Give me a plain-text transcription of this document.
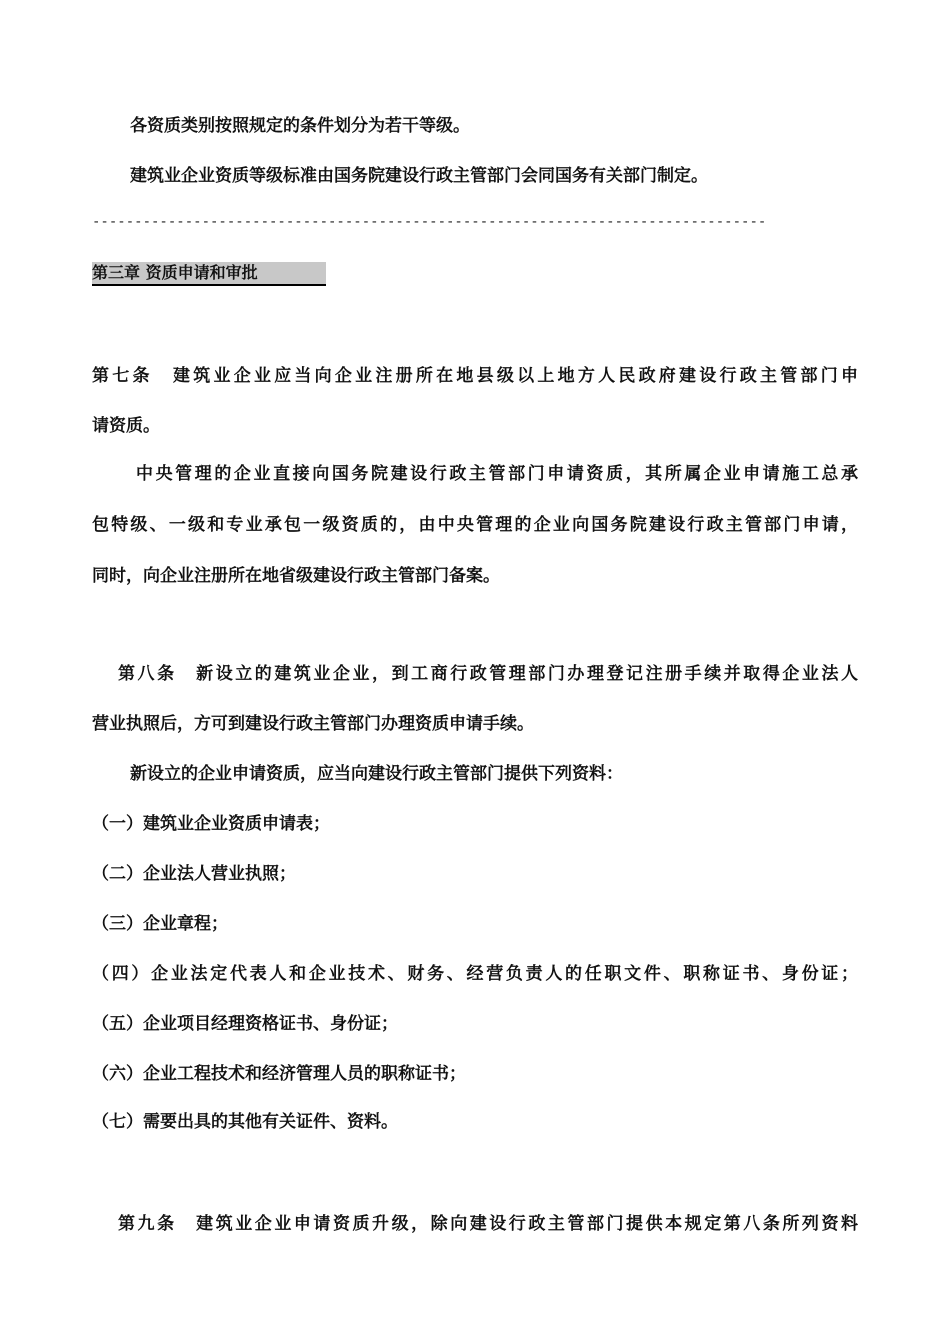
各资质类别按照规定的条件划分为若干等级。
建筑业企业资质等级标准由国务院建设行政主管部门会同国务有关部门制定。
--------------------------------------------------------------------------------
第三章 资质申请和审批
第七条　建筑业企业应当向企业注册所在地县级以上地方人民政府建设行政主管部门申
请资质。
中央管理的企业直接向国务院建设行政主管部门申请资质，其所属企业申请施工总承
包特级、一级和专业承包一级资质的，由中央管理的企业向国务院建设行政主管部门申请，
同时，向企业注册所在地省级建设行政主管部门备案。
第八条　新设立的建筑业企业，到工商行政管理部门办理登记注册手续并取得企业法人
营业执照后，方可到建设行政主管部门办理资质申请手续。
新设立的企业申请资质，应当向建设行政主管部门提供下列资料：
（一）建筑业企业资质申请表；
（二）企业法人营业执照；
（三）企业章程；
（四）企业法定代表人和企业技术、财务、经营负责人的任职文件、职称证书、身份证；
（五）企业项目经理资格证书、身份证；
（六）企业工程技术和经济管理人员的职称证书；
（七）需要出具的其他有关证件、资料。
第九条　建筑业企业申请资质升级，除向建设行政主管部门提供本规定第八条所列资料
